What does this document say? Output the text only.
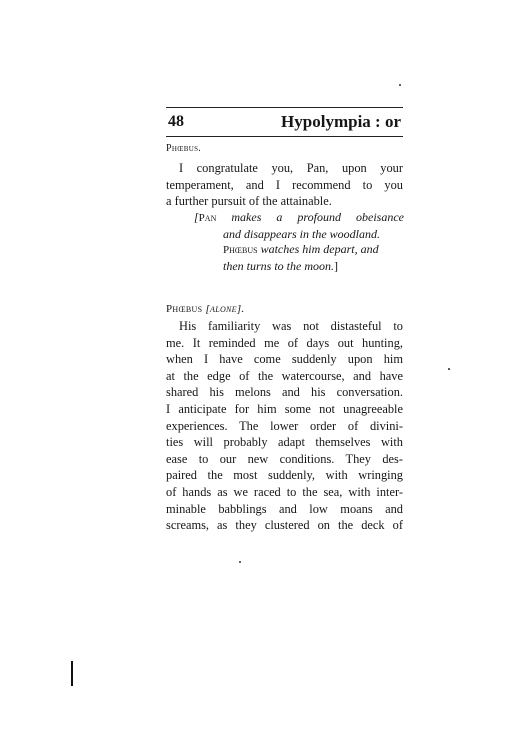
48	Hypolympia : or
Phœbus.
I congratulate you, Pan, upon your
temperament, and I recommend to you
a further pursuit of the attainable.
[Pan makes a profound obeisance
and disappears in the woodland.
Phœbus watches him depart, and
then turns to the moon.]
Phœbus [alone].
His familiarity was not distasteful to
me. It reminded me of days out hunting,
when I have come suddenly upon him
at the edge of the watercourse, and have
shared his melons and his conversation.
I anticipate for him some not unagreeable
experiences. The lower order of divini-
ties will probably adapt themselves with
ease to our new conditions. They des-
paired the most suddenly, with wringing
of hands as we raced to the sea, with inter-
minable babblings and low moans and
screams, as they clustered on the deck of
